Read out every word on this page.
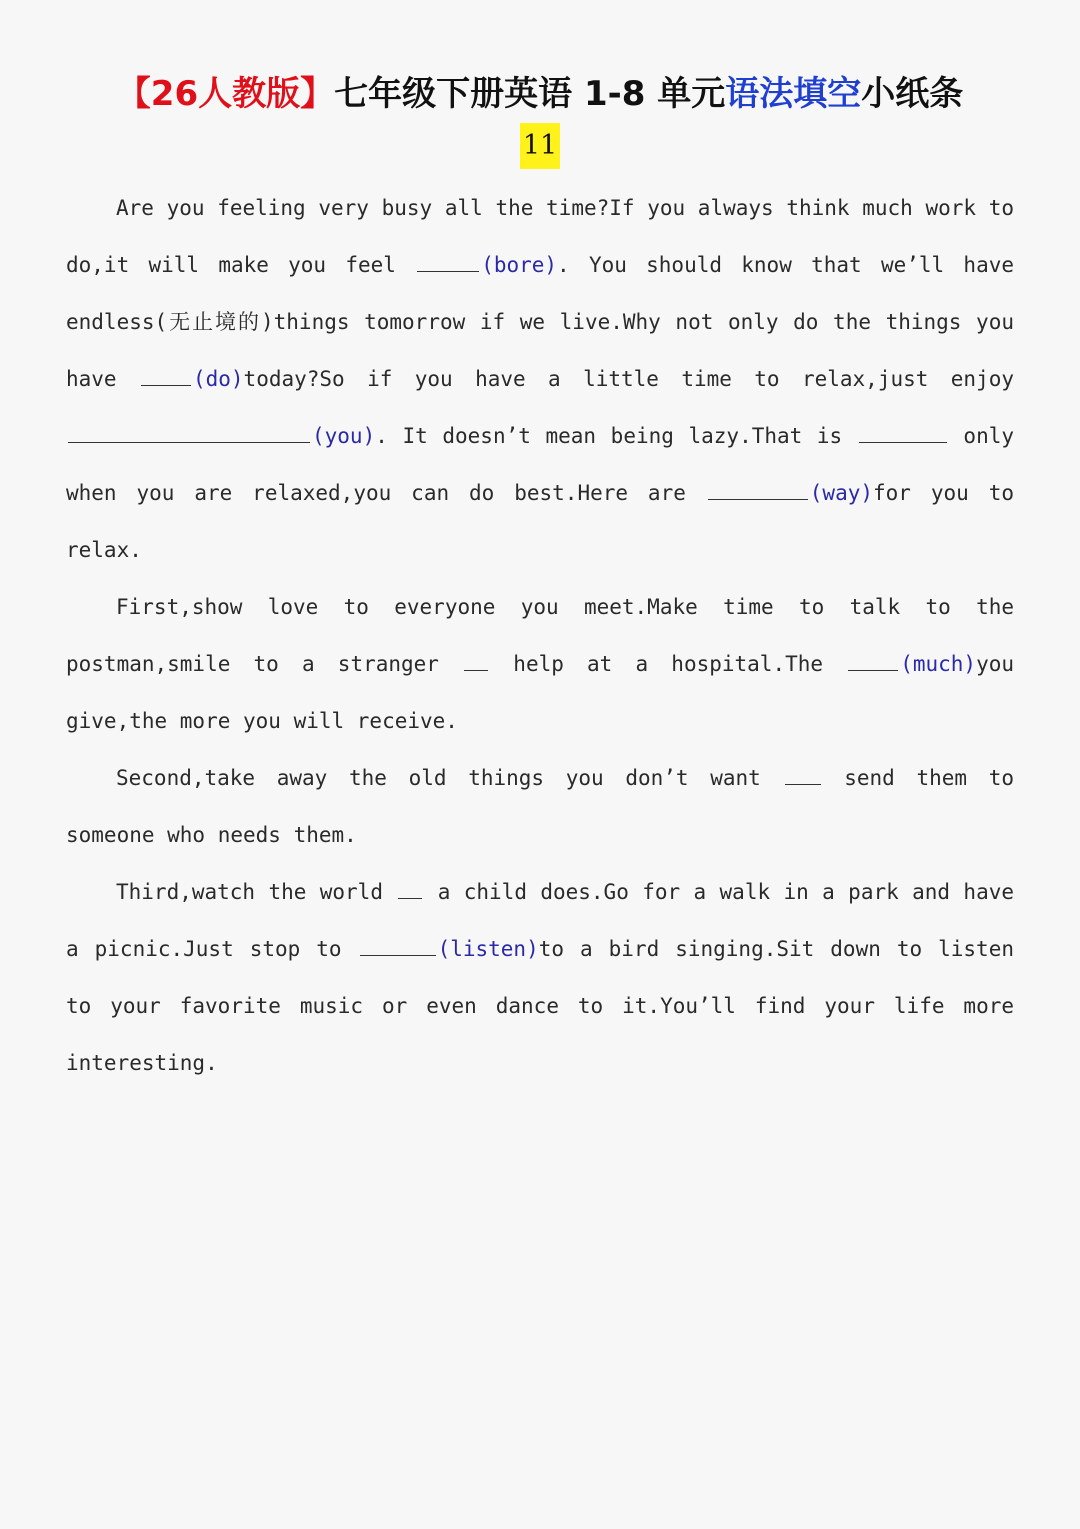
【26人教版】七年级下册英语 1-8 单元语法填空小纸条
11

Are you feeling very busy all the time?If you always think much work to do,it will make you feel	(bore). You should know that we’ll have endless(无止境的)things tomorrow if we live.Why not only do the things you have	(do)today?So if you have a little time to relax,just enjoy (you). It doesn’t mean being lazy.That is	only when you are relaxed,you can do best.Here are	(way)for you to relax.

First,show love to everyone you meet.Make time to talk to the postman,smile to a stranger  help at a hospital.The	(much)you give,the more you will receive.

Second,take away the old things you don’t want  send them to someone who needs them.

Third,watch the world  a child does.Go for a walk in a park and have a picnic.Just stop to	(listen)to a bird singing.Sit down to listen to your favorite music or even dance to it.You’ll find your life more interesting.
